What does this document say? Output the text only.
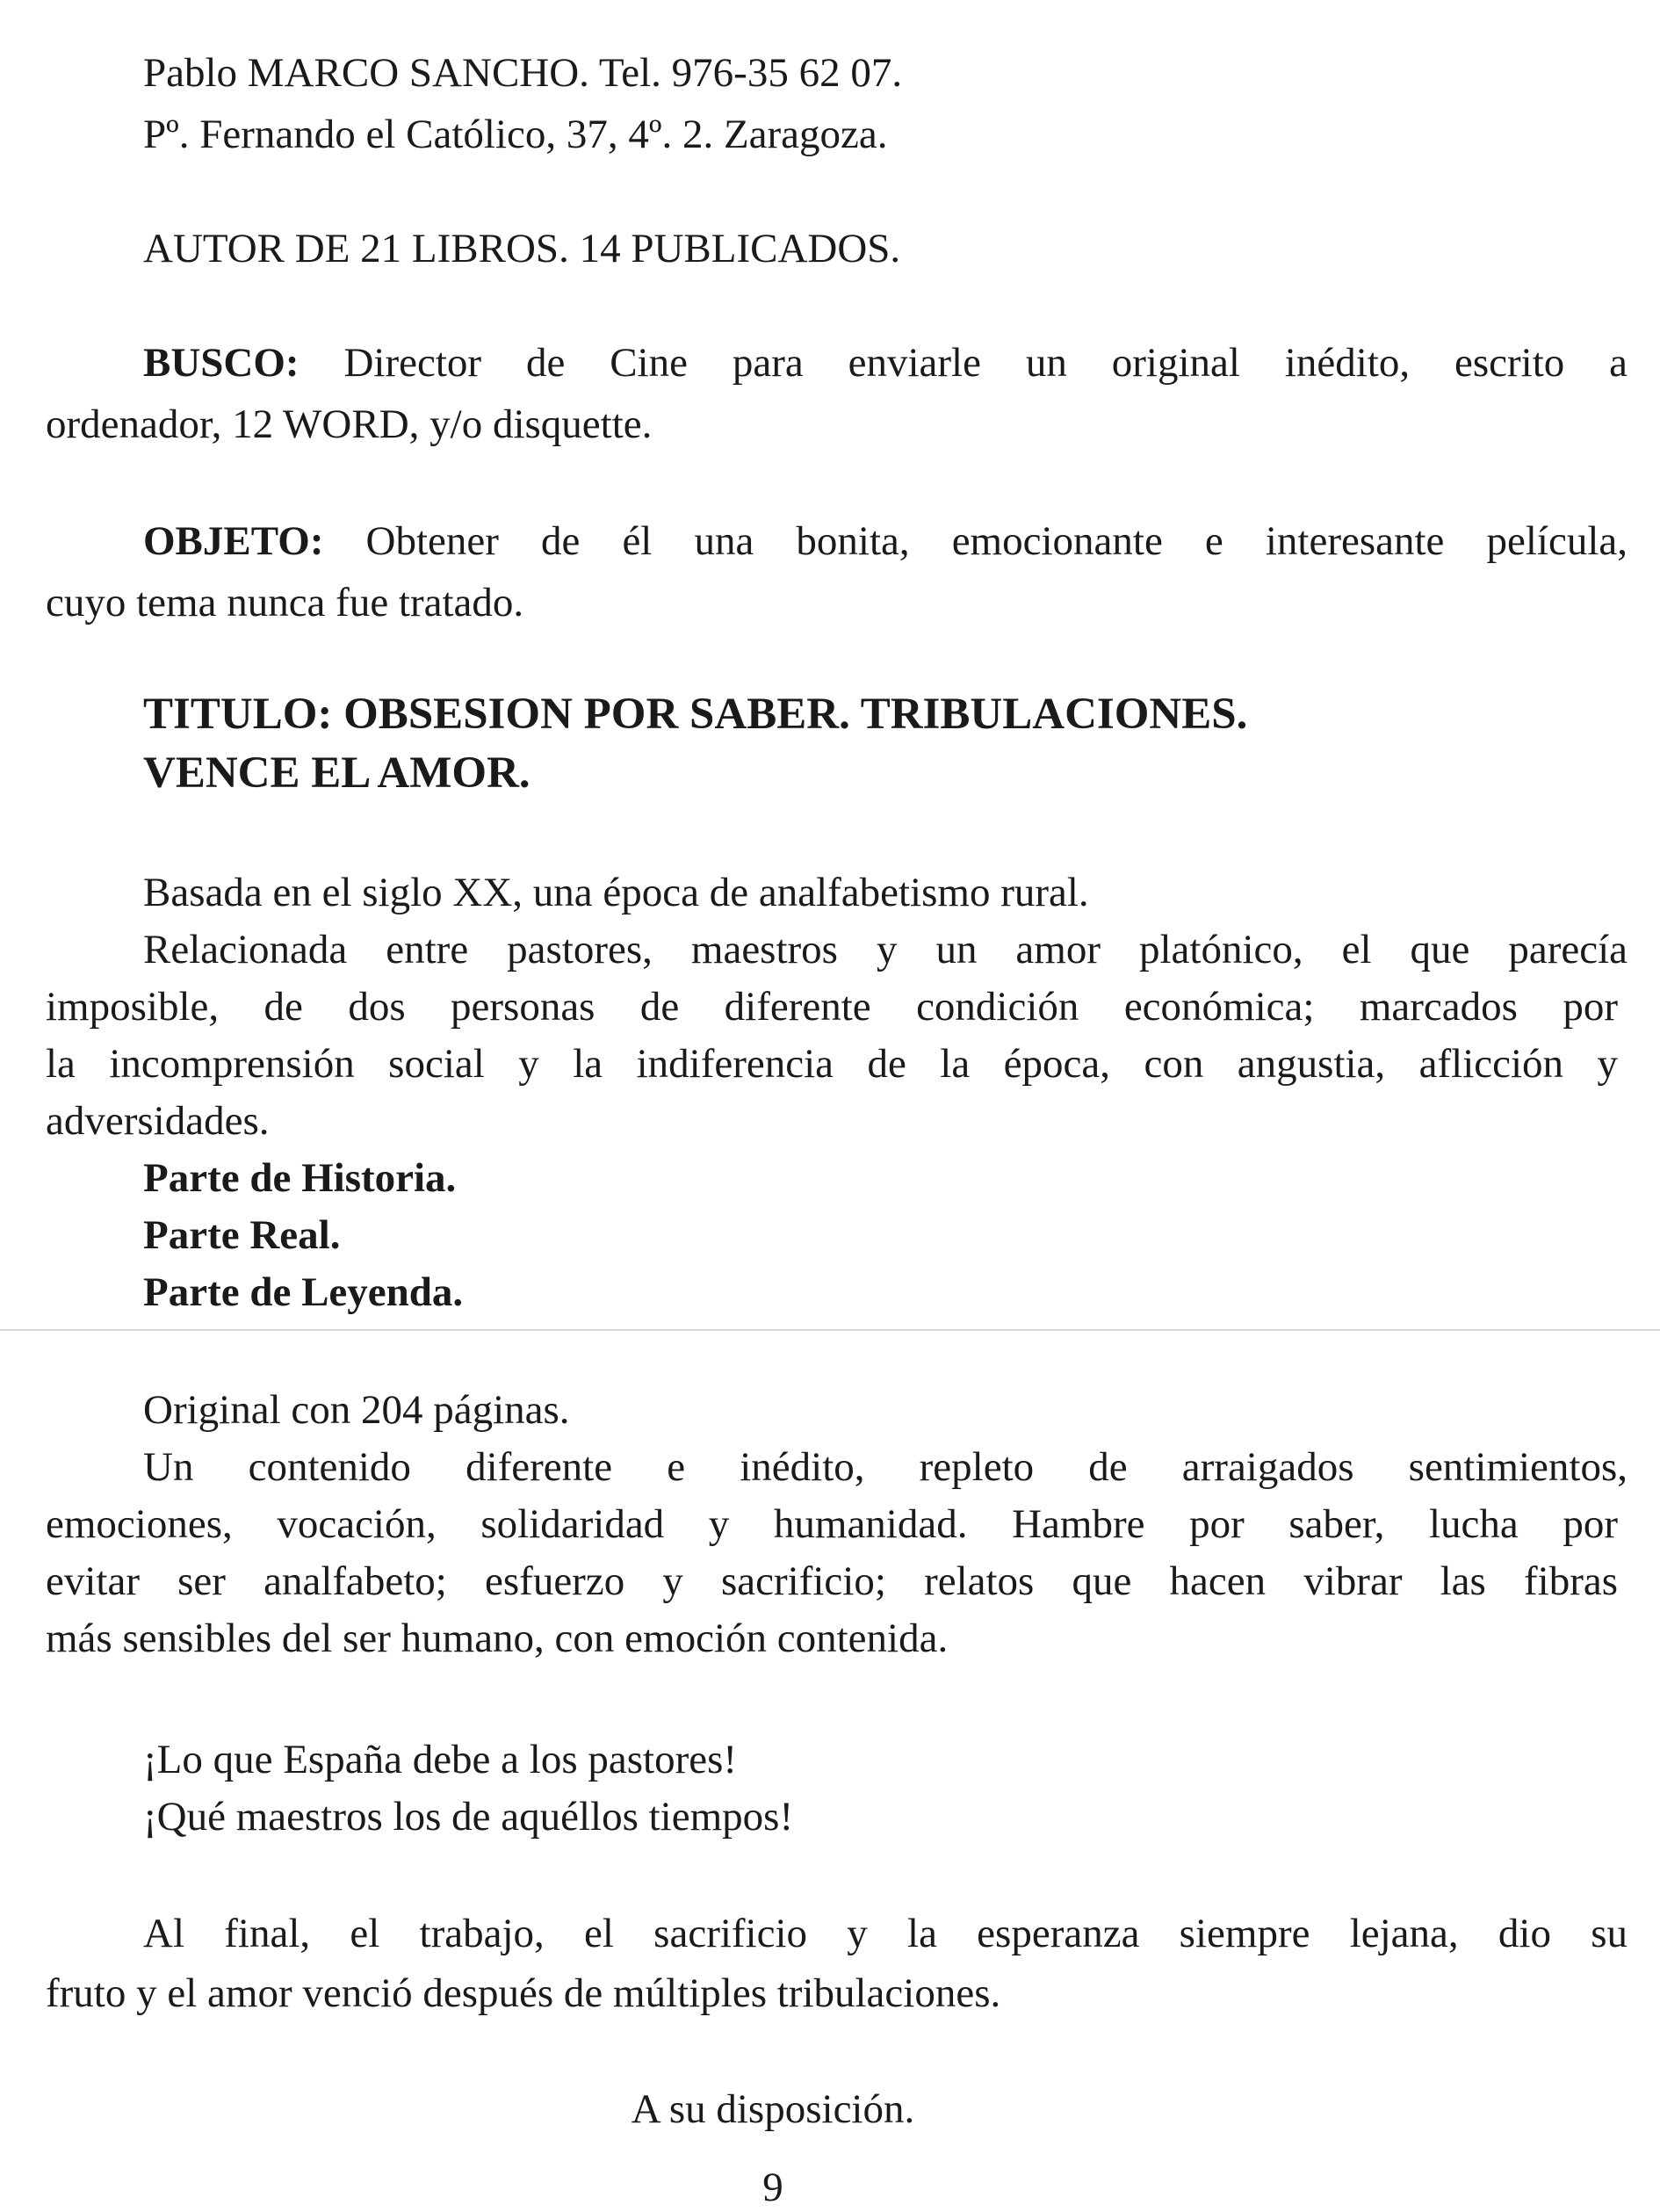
Pablo MARCO SANCHO. Tel. 976-35 62 07.

Pº. Fernando el Católico, 37, 4º. 2. Zaragoza.

AUTOR DE 21 LIBROS. 14 PUBLICADOS.

BUSCO: Director de Cine para enviarle un original inédito, escrito a

ordenador, 12 WORD, y/o disquette.

OBJETO: Obtener de él una bonita, emocionante e interesante película,

cuyo tema nunca fue tratado.

TITULO: OBSESION POR SABER. TRIBULACIONES.

VENCE EL AMOR.

Basada en el siglo XX, una época de analfabetismo rural.

Relacionada entre pastores, maestros y un amor platónico, el que parecía

imposible, de dos personas de diferente condición económica; marcados por

la incomprensión social y la indiferencia de la época, con angustia, aflicción y

adversidades.

Parte de Historia.

Parte Real.

Parte de Leyenda.

Original con 204 páginas.

Un contenido diferente e inédito, repleto de arraigados sentimientos,

emociones, vocación, solidaridad y humanidad. Hambre por saber, lucha por

evitar ser analfabeto; esfuerzo y sacrificio; relatos que hacen vibrar las fibras

más sensibles del ser humano, con emoción contenida.

¡Lo que España debe a los pastores!

¡Qué maestros los de aquéllos tiempos!

Al final, el trabajo, el sacrificio y la esperanza siempre lejana, dio su

fruto y el amor venció después de múltiples tribulaciones.

A su disposición.

9
